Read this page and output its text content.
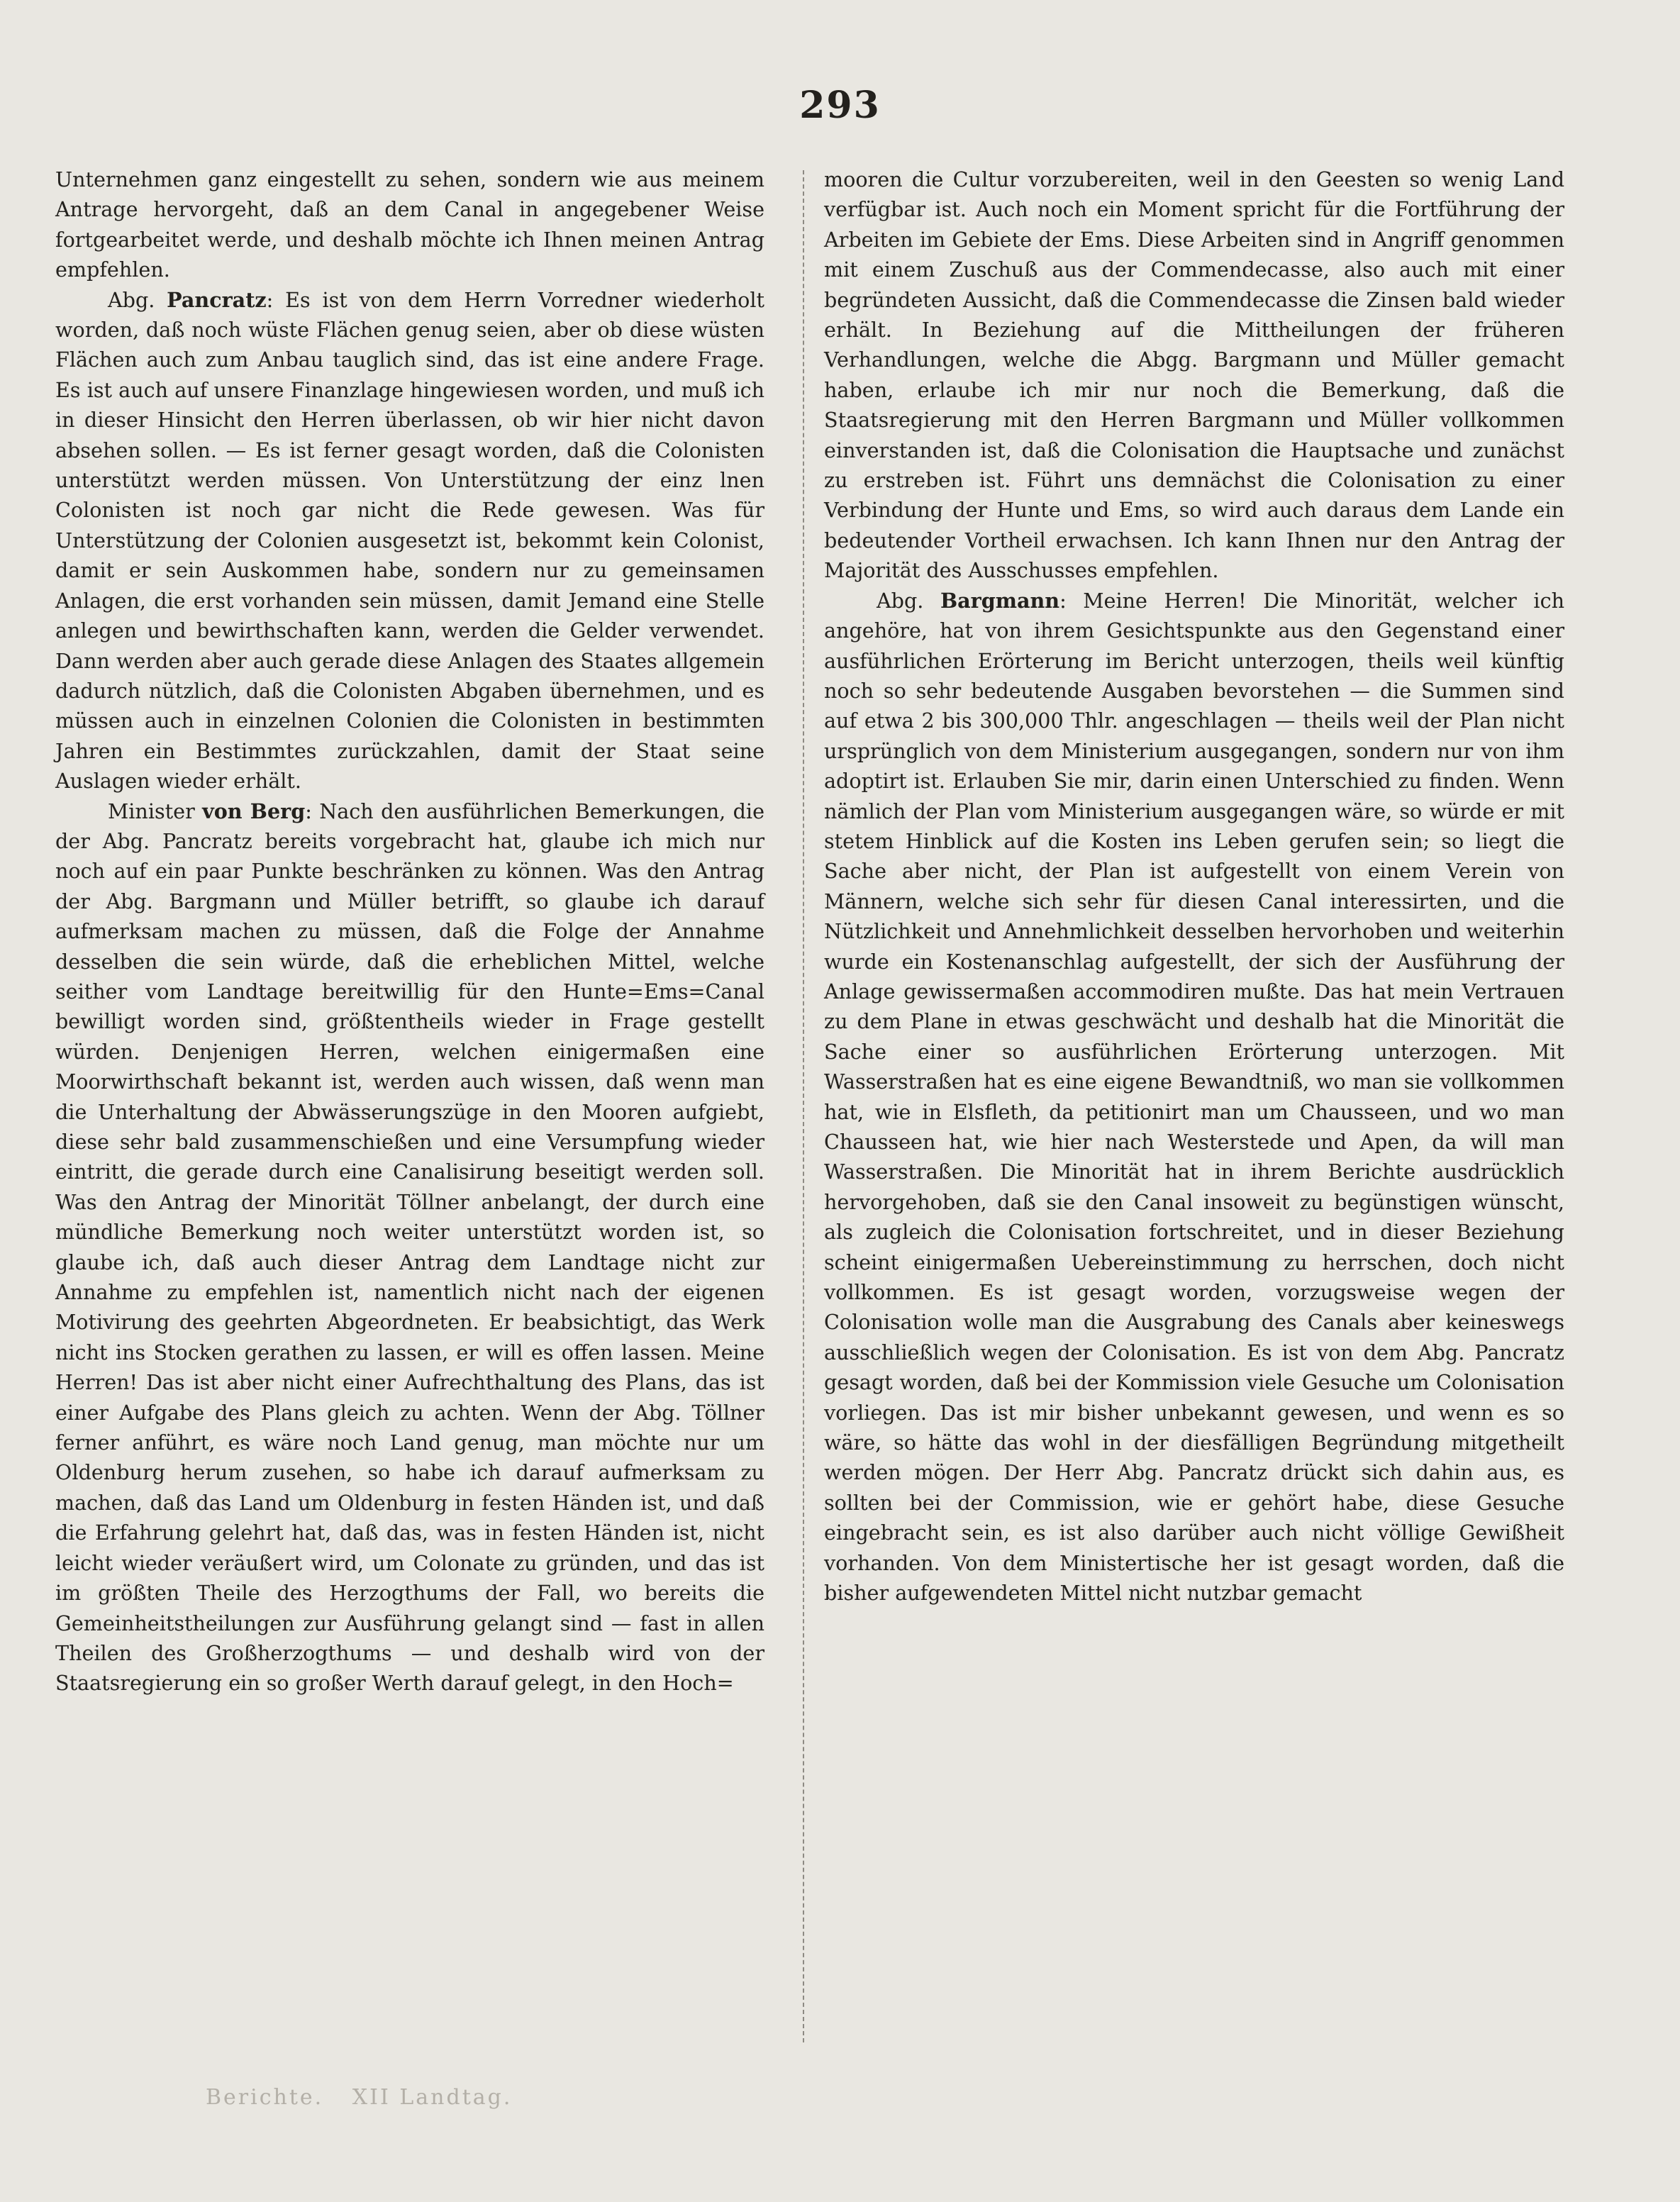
293

Unternehmen ganz eingestellt zu sehen, sondern wie aus meinem Antrage hervorgeht, daß an dem Canal in angegebener Weise fortgearbeitet werde, und deshalb möchte ich Ihnen meinen Antrag empfehlen.

Abg. Pancratz: Es ist von dem Herrn Vorredner wiederholt worden, daß noch wüste Flächen genug seien, aber ob diese wüsten Flächen auch zum Anbau tauglich sind, das ist eine andere Frage. Es ist auch auf unsere Finanzlage hingewiesen worden, und muß ich in dieser Hinsicht den Herren überlassen, ob wir hier nicht davon absehen sollen. — Es ist ferner gesagt worden, daß die Colonisten unterstützt werden müssen. Von Unterstützung der einz lnen Colonisten ist noch gar nicht die Rede gewesen. Was für Unterstützung der Colonien ausgesetzt ist, bekommt kein Colonist, damit er sein Auskommen habe, sondern nur zu gemeinsamen Anlagen, die erst vorhanden sein müssen, damit Jemand eine Stelle anlegen und bewirthschaften kann, werden die Gelder verwendet. Dann werden aber auch gerade diese Anlagen des Staates allgemein dadurch nützlich, daß die Colonisten Abgaben übernehmen, und es müssen auch in einzelnen Colonien die Colonisten in bestimmten Jahren ein Bestimmtes zurückzahlen, damit der Staat seine Auslagen wieder erhält.

Minister von Berg: Nach den ausführlichen Bemerkungen, die der Abg. Pancratz bereits vorgebracht hat, glaube ich mich nur noch auf ein paar Punkte beschränken zu können. Was den Antrag der Abg. Bargmann und Müller betrifft, so glaube ich darauf aufmerksam machen zu müssen, daß die Folge der Annahme desselben die sein würde, daß die erheblichen Mittel, welche seither vom Landtage bereitwillig für den Hunte=Ems=Canal bewilligt worden sind, größtentheils wieder in Frage gestellt würden. Denjenigen Herren, welchen einigermaßen eine Moorwirthschaft bekannt ist, werden auch wissen, daß wenn man die Unterhaltung der Abwässerungszüge in den Mooren aufgiebt, diese sehr bald zusammenschießen und eine Versumpfung wieder eintritt, die gerade durch eine Canalisirung beseitigt werden soll. Was den Antrag der Minorität Töllner anbelangt, der durch eine mündliche Bemerkung noch weiter unterstützt worden ist, so glaube ich, daß auch dieser Antrag dem Landtage nicht zur Annahme zu empfehlen ist, namentlich nicht nach der eigenen Motivirung des geehrten Abgeordneten. Er beabsichtigt, das Werk nicht ins Stocken gerathen zu lassen, er will es offen lassen. Meine Herren! Das ist aber nicht einer Aufrechthaltung des Plans, das ist einer Aufgabe des Plans gleich zu achten. Wenn der Abg. Töllner ferner anführt, es wäre noch Land genug, man möchte nur um Oldenburg herum zusehen, so habe ich darauf aufmerksam zu machen, daß das Land um Oldenburg in festen Händen ist, und daß die Erfahrung gelehrt hat, daß das, was in festen Händen ist, nicht leicht wieder veräußert wird, um Colonate zu gründen, und das ist im größten Theile des Herzogthums der Fall, wo bereits die Gemeinheitstheilungen zur Ausführung gelangt sind — fast in allen Theilen des Großherzogthums — und deshalb wird von der Staatsregierung ein so großer Werth darauf gelegt, in den Hoch=

mooren die Cultur vorzubereiten, weil in den Geesten so wenig Land verfügbar ist. Auch noch ein Moment spricht für die Fortführung der Arbeiten im Gebiete der Ems. Diese Arbeiten sind in Angriff genommen mit einem Zuschuß aus der Commendecasse, also auch mit einer begründeten Aussicht, daß die Commendecasse die Zinsen bald wieder erhält. In Beziehung auf die Mittheilungen der früheren Verhandlungen, welche die Abgg. Bargmann und Müller gemacht haben, erlaube ich mir nur noch die Bemerkung, daß die Staatsregierung mit den Herren Bargmann und Müller vollkommen einverstanden ist, daß die Colonisation die Hauptsache und zunächst zu erstreben ist. Führt uns demnächst die Colonisation zu einer Verbindung der Hunte und Ems, so wird auch daraus dem Lande ein bedeutender Vortheil erwachsen. Ich kann Ihnen nur den Antrag der Majorität des Ausschusses empfehlen.

Abg. Bargmann: Meine Herren! Die Minorität, welcher ich angehöre, hat von ihrem Gesichtspunkte aus den Gegenstand einer ausführlichen Erörterung im Bericht unterzogen, theils weil künftig noch so sehr bedeutende Ausgaben bevorstehen — die Summen sind auf etwa 2 bis 300,000 Thlr. angeschlagen — theils weil der Plan nicht ursprünglich von dem Ministerium ausgegangen, sondern nur von ihm adoptirt ist. Erlauben Sie mir, darin einen Unterschied zu finden. Wenn nämlich der Plan vom Ministerium ausgegangen wäre, so würde er mit stetem Hinblick auf die Kosten ins Leben gerufen sein; so liegt die Sache aber nicht, der Plan ist aufgestellt von einem Verein von Männern, welche sich sehr für diesen Canal interessirten, und die Nützlichkeit und Annehmlichkeit desselben hervorhoben und weiterhin wurde ein Kostenanschlag aufgestellt, der sich der Ausführung der Anlage gewissermaßen accommodiren mußte. Das hat mein Vertrauen zu dem Plane in etwas geschwächt und deshalb hat die Minorität die Sache einer so ausführlichen Erörterung unterzogen. Mit Wasserstraßen hat es eine eigene Bewandtniß, wo man sie vollkommen hat, wie in Elsfleth, da petitionirt man um Chausseen, und wo man Chausseen hat, wie hier nach Westerstede und Apen, da will man Wasserstraßen. Die Minorität hat in ihrem Berichte ausdrücklich hervorgehoben, daß sie den Canal insoweit zu begünstigen wünscht, als zugleich die Colonisation fortschreitet, und in dieser Beziehung scheint einigermaßen Uebereinstimmung zu herrschen, doch nicht vollkommen. Es ist gesagt worden, vorzugsweise wegen der Colonisation wolle man die Ausgrabung des Canals aber keineswegs ausschließlich wegen der Colonisation. Es ist von dem Abg. Pancratz gesagt worden, daß bei der Kommission viele Gesuche um Colonisation vorliegen. Das ist mir bisher unbekannt gewesen, und wenn es so wäre, so hätte das wohl in der diesfälligen Begründung mitgetheilt werden mögen. Der Herr Abg. Pancratz drückt sich dahin aus, es sollten bei der Commission, wie er gehört habe, diese Gesuche eingebracht sein, es ist also darüber auch nicht völlige Gewißheit vorhanden. Von dem Ministertische her ist gesagt worden, daß die bisher aufgewendeten Mittel nicht nutzbar gemacht

Berichte. XII Landtag.
